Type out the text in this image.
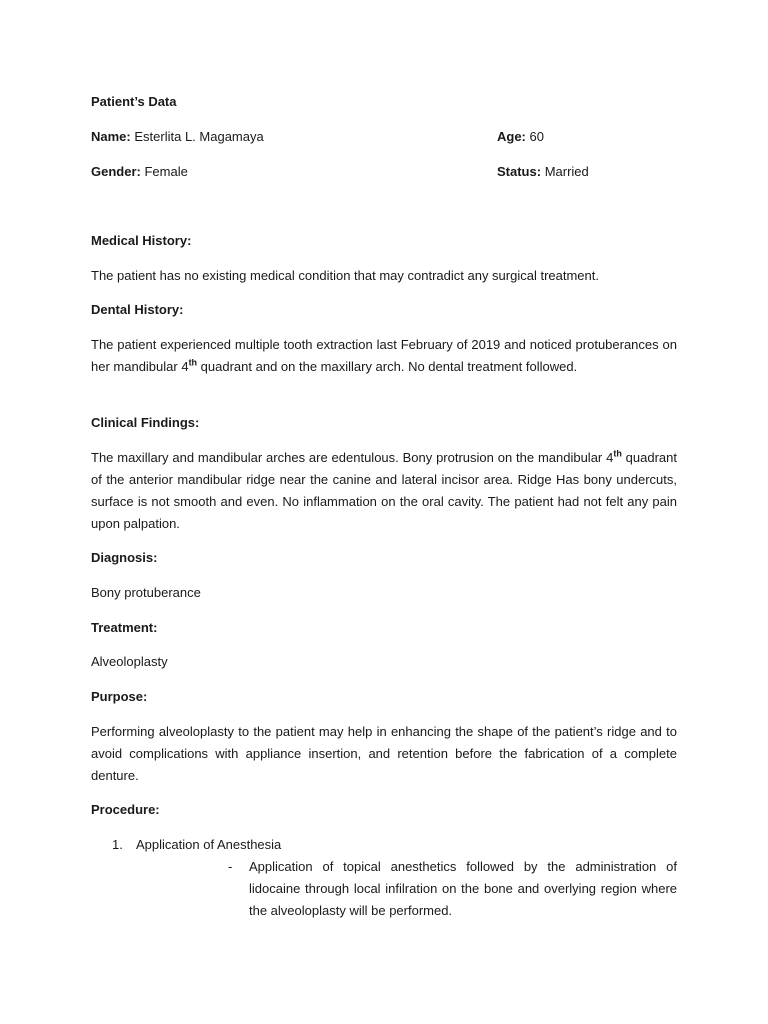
Patient’s Data

Name: Esterlita L. Magamaya	Age: 60

Gender: Female	Status: Married

Medical History:

The patient has no existing medical condition that may contradict any surgical treatment.

Dental History:

The patient experienced multiple tooth extraction last February of 2019 and noticed protuberances on her mandibular 4th quadrant and on the maxillary arch. No dental treatment followed.

Clinical Findings:

The maxillary and mandibular arches are edentulous. Bony protrusion on the mandibular 4th quadrant of the anterior mandibular ridge near the canine and lateral incisor area. Ridge Has bony undercuts, surface is not smooth and even. No inflammation on the oral cavity. The patient had not felt any pain upon palpation.

Diagnosis:

Bony protuberance

Treatment:

Alveoloplasty

Purpose:

Performing alveoloplasty to the patient may help in enhancing the shape of the patient’s ridge and to avoid complications with appliance insertion, and retention before the fabrication of a complete denture.

Procedure:

1. Application of Anesthesia

- Application of topical anesthetics followed by the administration of lidocaine through local infilration on the bone and overlying region where the alveoloplasty will be performed.
